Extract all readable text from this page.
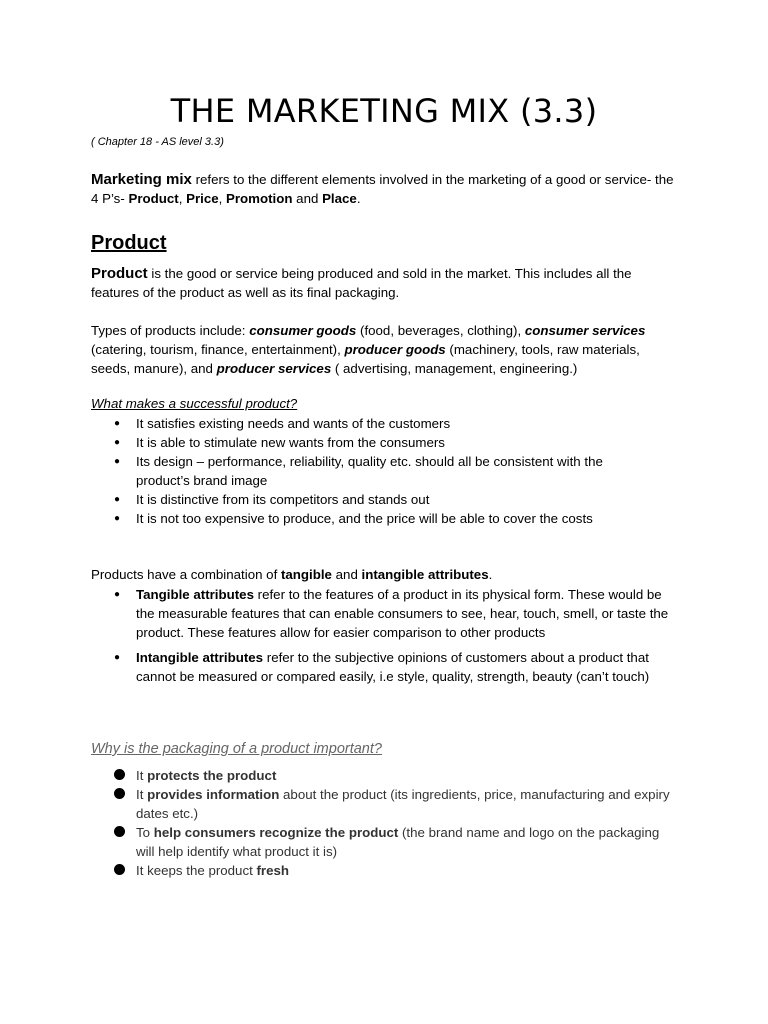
THE MARKETING MIX (3.3)

( Chapter 18 - AS level 3.3)

Marketing mix refers to the different elements involved in the marketing of a good or service- the 4 P’s- Product, Price, Promotion and Place.

Product

Product is the good or service being produced and sold in the market. This includes all the features of the product as well as its final packaging.

Types of products include: consumer goods (food, beverages, clothing), consumer services (catering, tourism, finance, entertainment), producer goods (machinery, tools, raw materials, seeds, manure), and producer services ( advertising, management, engineering.)

What makes a successful product?

● It satisfies existing needs and wants of the customers
● It is able to stimulate new wants from the consumers
● Its design – performance, reliability, quality etc. should all be consistent with the product’s brand image
● It is distinctive from its competitors and stands out
● It is not too expensive to produce, and the price will be able to cover the costs

Products have a combination of tangible and intangible attributes.

● Tangible attributes refer to the features of a product in its physical form. These would be the measurable features that can enable consumers to see, hear, touch, smell, or taste the product. These features allow for easier comparison to other products
● Intangible attributes refer to the subjective opinions of customers about a product that cannot be measured or compared easily, i.e style, quality, strength, beauty (can’t touch)

Why is the packaging of a product important?

It protects the product
It provides information about the product (its ingredients, price, manufacturing and expiry dates etc.)
To help consumers recognize the product (the brand name and logo on the packaging will help identify what product it is)
It keeps the product fresh
